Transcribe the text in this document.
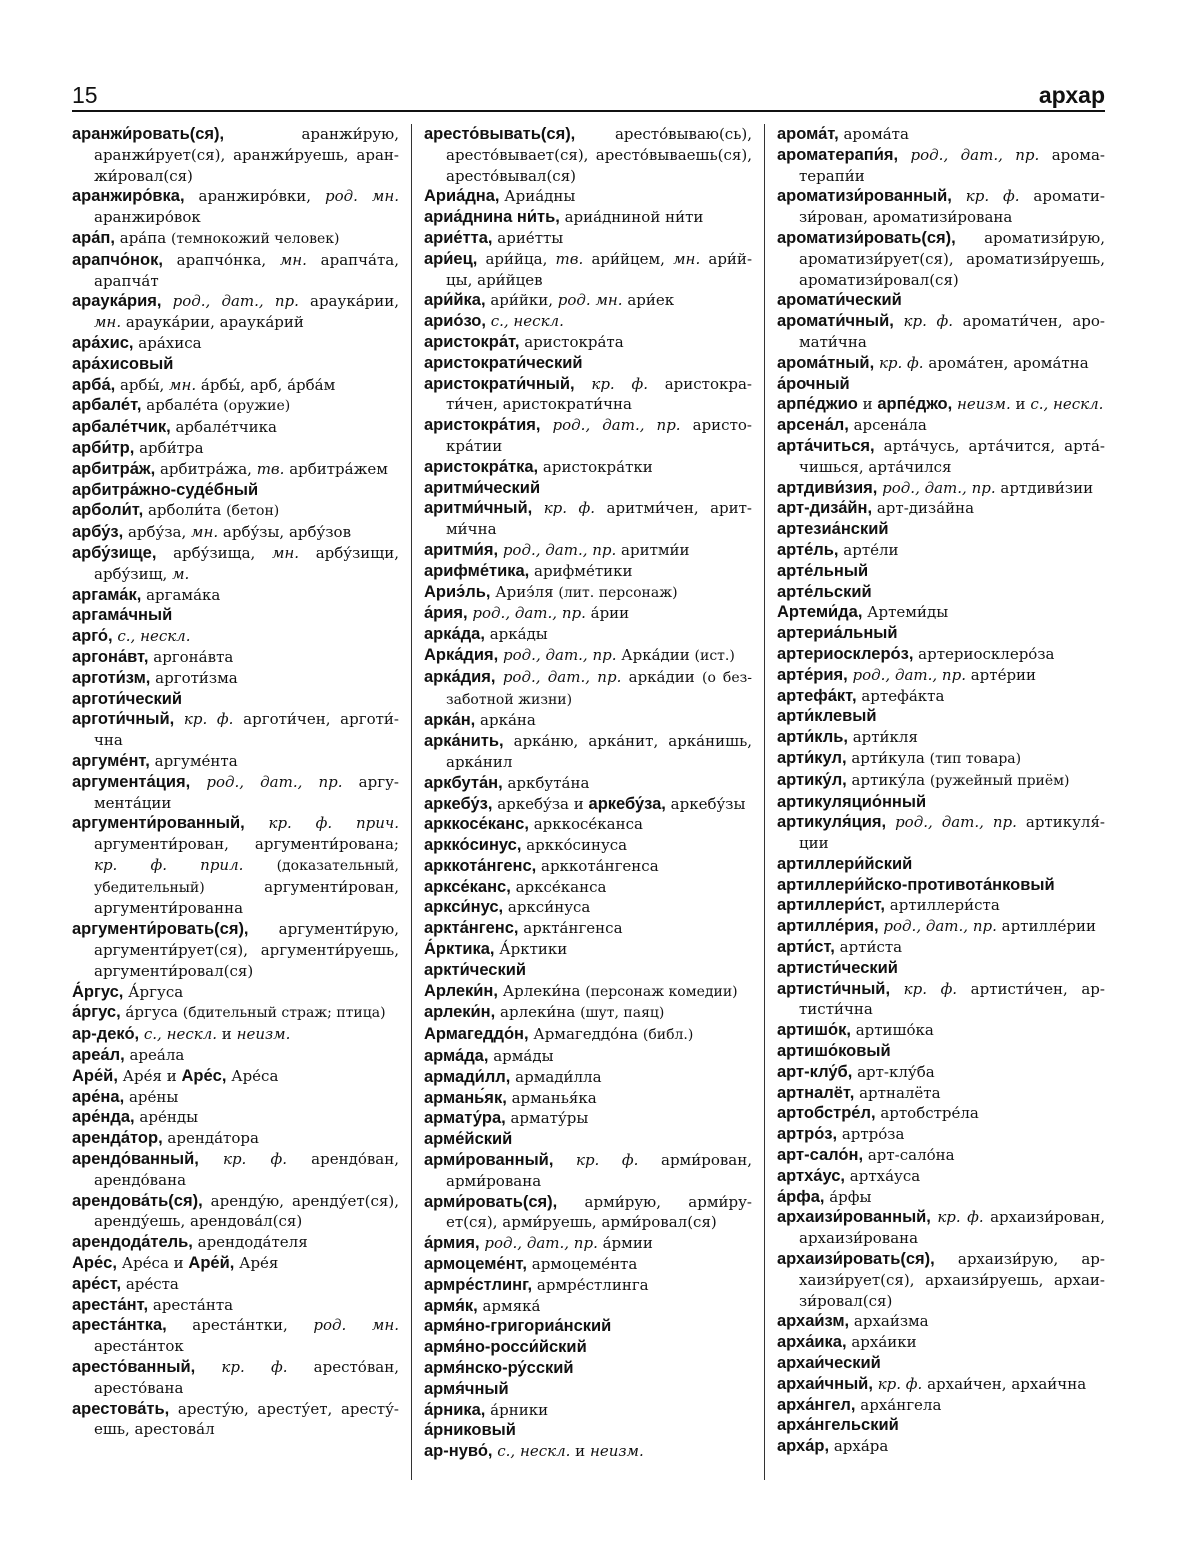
15	архар

аранжи́ровать(ся), аранжи́рую, аранжи́рует(ся), аранжи́руешь, аранжи́ровал(ся)

аранжиро́вка, аранжиро́вки, род. мн. аранжиро́вок

ара́п, ара́па (темнокожий человек)

арапчо́нок, арапчо́нка, мн. арапча́та, арапча́т

араука́рия, род., дат., пр. араука́рии, мн. араука́рии, араука́рий

ара́хис, ара́хиса

ара́хисовый

арба́, арбы́, мн. а́рбы́, арб, а́рба́м

арбале́т, арбале́та (оружие)

арбале́тчик, арбале́тчика

арби́тр, арби́тра

арбитра́ж, арбитра́жа, тв. арбитра́жем

арбитра́жно-суде́бный

арболи́т, арболи́та (бетон)

арбу́з, арбу́за, мн. арбу́зы, арбу́зов

арбу́зище, арбу́зища, мн. арбу́зищи, арбу́зищ, м.

аргама́к, аргама́ка

аргама́чный

арго́, с., нескл.

аргона́вт, аргона́вта

арготи́зм, арготи́зма

арготи́ческий

арготи́чный, кр. ф. арготи́чен, арготи́чна

аргуме́нт, аргуме́нта

аргумента́ция, род., дат., пр. аргумента́ции

аргументи́рованный, кр. ф. прич. аргументи́рован, аргументи́рована; кр. ф. прил. (доказательный, убедительный) аргументи́рован, аргументи́рованна

аргументи́ровать(ся), аргументи́рую, аргументи́рует(ся), аргументи́руешь, аргументи́ровал(ся)

А́ргус, А́ргуса

а́ргус, а́ргуса (бдительный страж; птица)

ар-деко́, с., нескл. и неизм.

ареа́л, ареа́ла

Аре́й, Аре́я и Аре́с, Аре́са

аре́на, аре́ны

аре́нда, аре́нды

аренда́тор, аренда́тора

арендо́ванный, кр. ф. арендо́ван, арендо́вана

арендова́ть(ся), аренду́ю, аренду́ет(ся), аренду́ешь, арендова́л(ся)

арендода́тель, арендода́теля

Аре́с, Аре́са и Аре́й, Аре́я

аре́ст, аре́ста

ареста́нт, ареста́нта

ареста́нтка, ареста́нтки, род. мн. ареста́нток

аресто́ванный, кр. ф. аресто́ван, аресто́вана

арестова́ть, аресту́ю, аресту́ет, аресту́ешь, арестова́л

аресто́вывать(ся), аресто́вываю(сь), аресто́вывает(ся), аресто́вываешь(ся), аресто́вывал(ся)

Ариа́дна, Ариа́дны

ариа́днина ни́ть, ариа́дниной ни́ти

арие́тта, арие́тты

ари́ец, ари́йца, тв. ари́йцем, мн. ари́йцы, ари́йцев

ари́йка, ари́йки, род. мн. ари́ек

арио́зо, с., нескл.

аристокра́т, аристокра́та

аристократи́ческий

аристократи́чный, кр. ф. аристократи́чен, аристократи́чна

аристокра́тия, род., дат., пр. аристокра́тии

аристокра́тка, аристокра́тки

аритми́ческий

аритми́чный, кр. ф. аритми́чен, аритми́чна

аритми́я, род., дат., пр. аритми́и

арифме́тика, арифме́тики

Ариэ́ль, Ариэ́ля (лит. персонаж)

а́рия, род., дат., пр. а́рии

арка́да, арка́ды

Арка́дия, род., дат., пр. Арка́дии (ист.)

арка́дия, род., дат., пр. арка́дии (о беззаботной жизни)

арка́н, арка́на

арка́нить, арка́ню, арка́нит, арка́нишь, арка́нил

аркбута́н, аркбута́на

аркебу́з, аркебу́за и аркебу́за, аркебу́зы

арккосе́канс, арккосе́канса

аркко́синус, аркко́синуса

арккота́нгенс, арккота́нгенса

арксе́канс, арксе́канса

аркси́нус, аркси́нуса

аркта́нгенс, аркта́нгенса

А́рктика, А́рктики

аркти́ческий

Арлеки́н, Арлеки́на (персонаж комедии)

арлеки́н, арлеки́на (шут, паяц)

Армагеддо́н, Армагеддо́на (библ.)

арма́да, арма́ды

армади́лл, армади́лла

армань́як, арманья́ка

армату́ра, армату́ры

арме́йский

арми́рованный, кр. ф. арми́рован, арми́рована

арми́ровать(ся), арми́рую, арми́рует(ся), арми́руешь, арми́ровал(ся)

а́рмия, род., дат., пр. а́рмии

армоцеме́нт, армоцеме́нта

армре́стлинг, армре́стлинга

армя́к, армяка́

армя́но-григориа́нский

армя́но-росси́йский

армя́нско-ру́сский

армя́чный

а́рника, а́рники

а́рниковый

ар-нуво́, с., нескл. и неизм.

арома́т, арома́та

ароматерапи́я, род., дат., пр. ароматерапи́и

ароматизи́рованный, кр. ф. ароматизи́рован, ароматизи́рована

ароматизи́ровать(ся), ароматизи́рую, ароматизи́рует(ся), ароматизи́руешь, ароматизи́ровал(ся)

аромати́ческий

аромати́чный, кр. ф. аромати́чен, аромати́чна

арома́тный, кр. ф. арома́тен, арома́тна

а́рочный

арпе́джио и арпе́джо, неизм. и с., нескл.

арсена́л, арсена́ла

арта́читься, арта́чусь, арта́чится, арта́чишься, арта́чился

артдиви́зия, род., дат., пр. артдиви́зии

арт-диза́йн, арт-диза́йна

артезиа́нский

арте́ль, арте́ли

арте́льный

арте́льский

Артеми́да, Артеми́ды

артериа́льный

артериосклеро́з, артериосклеро́за

арте́рия, род., дат., пр. арте́рии

артефа́кт, артефа́кта

арти́клевый

арти́кль, арти́кля

арти́кул, арти́кула (тип товара)

артику́л, артику́ла (ружейный приём)

артикуляцио́нный

артикуля́ция, род., дат., пр. артикуля́ции

артиллери́йский

артиллери́йско-противота́нковый

артиллери́ст, артиллери́ста

артилле́рия, род., дат., пр. артилле́рии

арти́ст, арти́ста

артисти́ческий

артисти́чный, кр. ф. артисти́чен, артисти́чна

артишо́к, артишо́ка

артишо́ковый

арт-клу́б, арт-клу́ба

артналёт, артналёта

артобстре́л, артобстре́ла

артро́з, артро́за

арт-сало́н, арт-сало́на

артха́ус, артха́уса

а́рфа, а́рфы

архаизи́рованный, кр. ф. архаизи́рован, архаизи́рована

архаизи́ровать(ся), архаизи́рую, архаизи́рует(ся), архаизи́руешь, архаизи́ровал(ся)

архаи́зм, архаи́зма

арха́ика, арха́ики

архаи́ческий

архаи́чный, кр. ф. архаи́чен, архаи́чна

арха́нгел, арха́нгела

арха́нгельский

арха́р, арха́ра
